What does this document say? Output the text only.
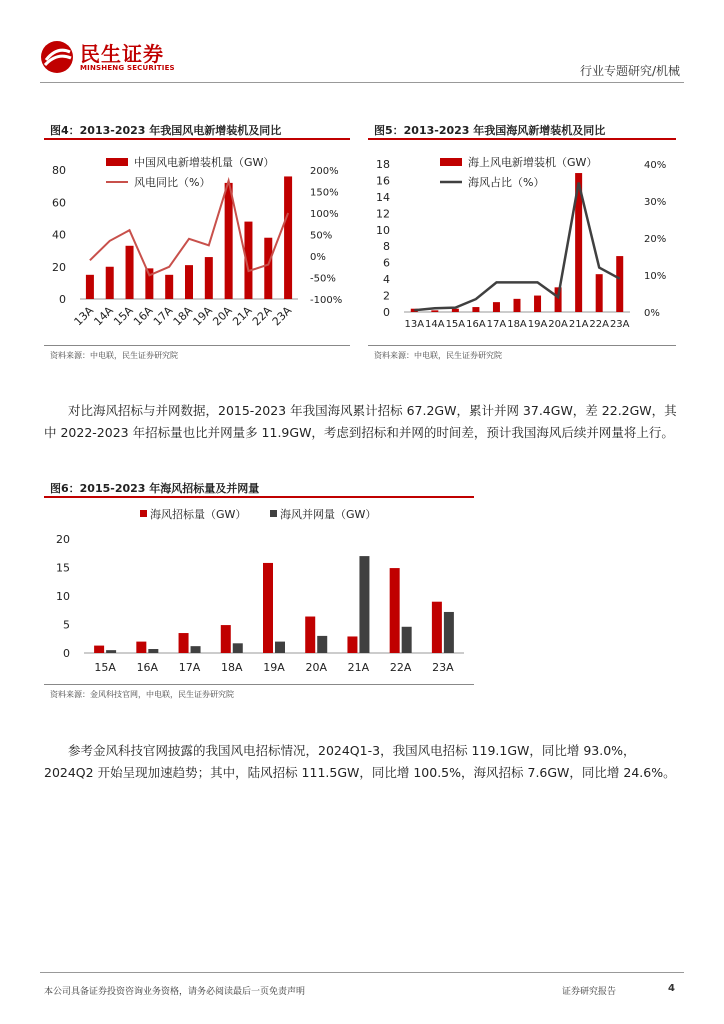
民生证券
MINSHENG SECURITIES	行业专题研究/机械
图4：2013-2023 年我国风电新增装机及同比
0
20
40
60
80
-100%
-50%
0%
50%
100%
150%
200%
13A
14A
15A
16A
17A
18A
19A
20A
21A
22A
23A
中国风电新增装机量（GW）
风电同比（%）
资料来源：中电联，民生证券研究院
图5：2013-2023 年我国海风新增装机及同比
0
2
4
6
8
10
12
14
16
18
0%
10%
20%
30%
40%
13A 14A 15A 16A 17A 18A 19A 20A 21A 22A 23A
海上风电新增装机（GW）
海风占比（%）
资料来源：中电联，民生证券研究院
对比海风招标与并网数据，2015-2023 年我国海风累计招标 67.2GW，累计并网 37.4GW，差 22.2GW，其中 2022-2023 年招标量也比并网量多 11.9GW，考虑到招标和并网的时间差，预计我国海风后续并网量将上行。
图6：2015-2023 年海风招标量及并网量
0
5
10
15
20
15A 16A 17A 18A 19A 20A 21A 22A 23A
海风招标量（GW）	海风并网量（GW）
资料来源：金风科技官网，中电联，民生证券研究院
参考金风科技官网披露的我国风电招标情况，2024Q1-3，我国风电招标 119.1GW，同比增 93.0%，2024Q2 开始呈现加速趋势；其中，陆风招标 111.5GW，同比增 100.5%，海风招标 7.6GW，同比增 24.6%。
本公司具备证券投资咨询业务资格，请务必阅读最后一页免责声明	证券研究报告	4
